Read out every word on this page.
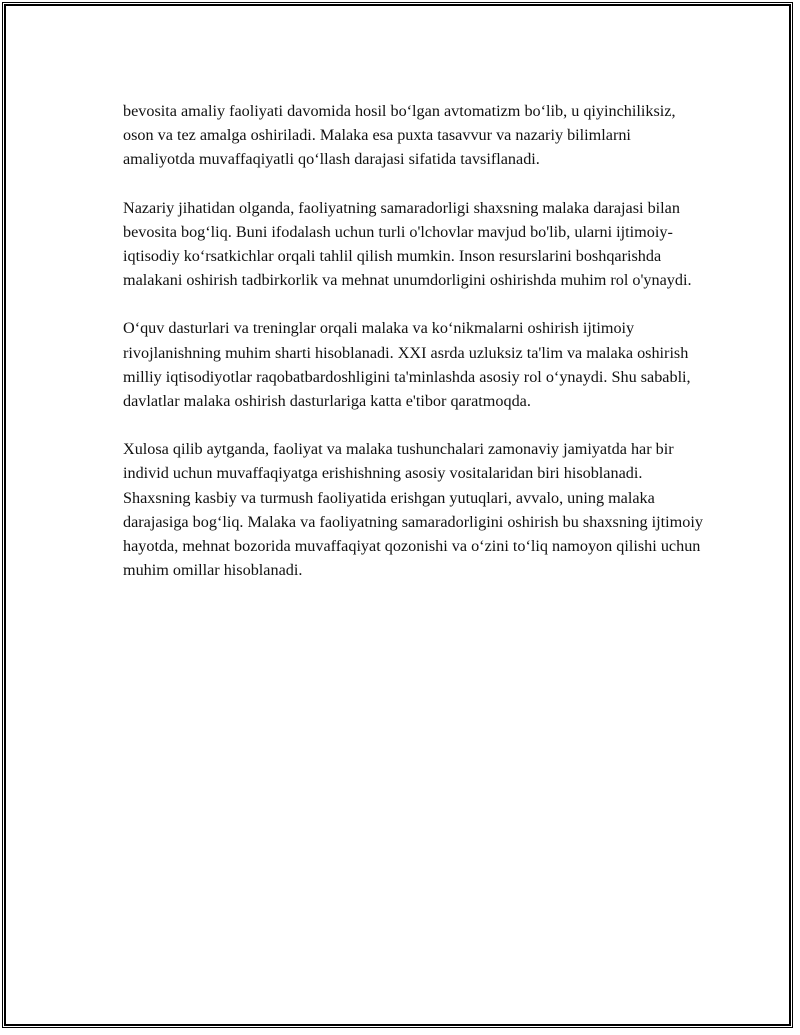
bevosita amaliy faoliyati davomida hosil boʻlgan avtomatizm boʻlib, u qiyinchiliksiz, oson va tez amalga oshiriladi. Malaka esa puxta tasavvur va nazariy bilimlarni amaliyotda muvaffaqiyatli qoʻllash darajasi sifatida tavsiflanadi.

Nazariy jihatidan olganda, faoliyatning samaradorligi shaxsning malaka darajasi bilan bevosita bogʻliq. Buni ifodalash uchun turli o'lchovlar mavjud bo'lib, ularni ijtimoiy-iqtisodiy koʻrsatkichlar orqali tahlil qilish mumkin. Inson resurslarini boshqarishda malakani oshirish tadbirkorlik va mehnat unumdorligini oshirishda muhim rol o'ynaydi.

Oʻquv dasturlari va treninglar orqali malaka va koʻnikmalarni oshirish ijtimoiy rivojlanishning muhim sharti hisoblanadi. XXI asrda uzluksiz ta'lim va malaka oshirish milliy iqtisodiyotlar raqobatbardoshligini ta'minlashda asosiy rol oʻynaydi. Shu sababli, davlatlar malaka oshirish dasturlariga katta e'tibor qaratmoqda.

Xulosa qilib aytganda, faoliyat va malaka tushunchalari zamonaviy jamiyatda har bir individ uchun muvaffaqiyatga erishishning asosiy vositalaridan biri hisoblanadi. Shaxsning kasbiy va turmush faoliyatida erishgan yutuqlari, avvalo, uning malaka darajasiga bogʻliq. Malaka va faoliyatning samaradorligini oshirish bu shaxsning ijtimoiy hayotda, mehnat bozorida muvaffaqiyat qozonishi va oʻzini toʻliq namoyon qilishi uchun muhim omillar hisoblanadi.
